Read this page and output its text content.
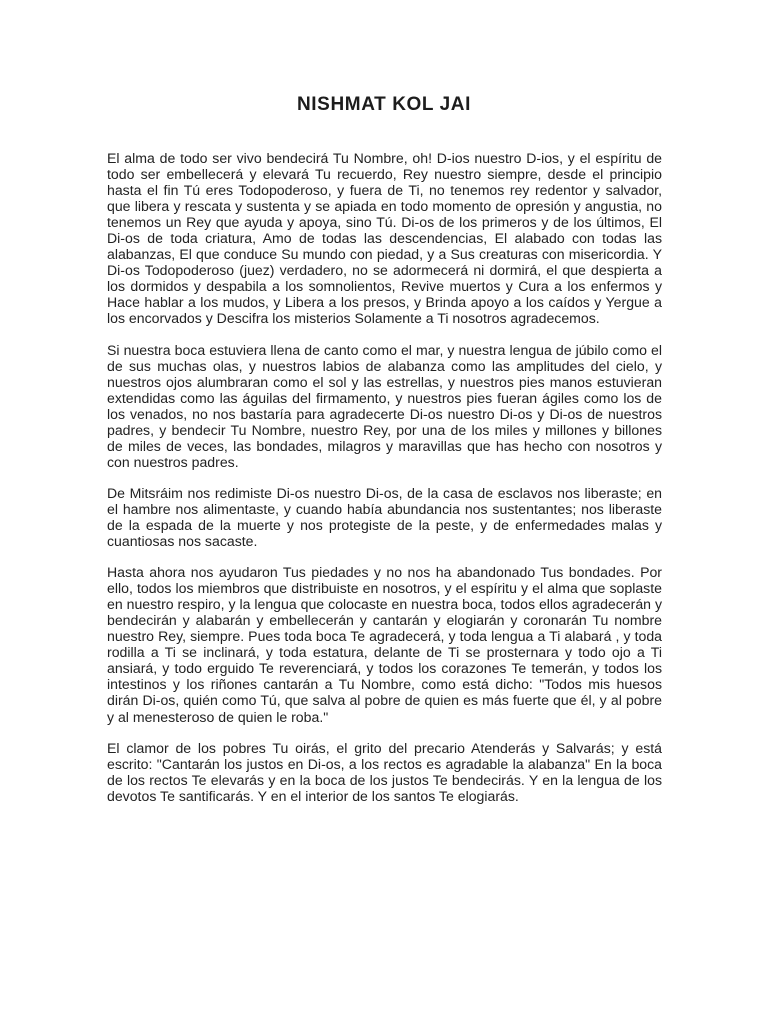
NISHMAT KOL JAI

El alma de todo ser vivo bendecirá Tu Nombre, oh! D-ios nuestro D-ios, y el espíritu de todo ser embellecerá y elevará Tu recuerdo, Rey nuestro siempre, desde el principio hasta el fin Tú eres Todopoderoso, y fuera de Ti, no tenemos rey redentor y salvador, que libera y rescata y sustenta y se apiada en todo momento de opresión y angustia, no tenemos un Rey que ayuda y apoya, sino Tú. Di-os de los primeros y de los últimos, El Di-os de toda criatura, Amo de todas las descendencias, El alabado con todas las alabanzas, El que conduce Su mundo con piedad, y a Sus creaturas con misericordia. Y Di-os Todopoderoso (juez) verdadero, no se adormecerá ni dormirá, el que despierta a los dormidos y despabila a los somnolientos, Revive muertos y Cura a los enfermos y Hace hablar a los mudos, y Libera a los presos, y Brinda apoyo a los caídos y Yergue a los encorvados y Descifra los misterios Solamente a Ti nosotros agradecemos.

Si nuestra boca estuviera llena de canto como el mar, y nuestra lengua de júbilo como el de sus muchas olas, y nuestros labios de alabanza como las amplitudes del cielo, y nuestros ojos alumbraran como el sol y las estrellas, y nuestros pies manos estuvieran extendidas como las águilas del firmamento, y nuestros pies fueran ágiles como los de los venados, no nos bastaría para agradecerte Di-os nuestro Di-os y Di-os de nuestros padres, y bendecir Tu Nombre, nuestro Rey, por una de los miles y millones y billones de miles de veces, las bondades, milagros y maravillas que has hecho con nosotros y con nuestros padres.

De Mitsráim nos redimiste Di-os nuestro Di-os, de la casa de esclavos nos liberaste; en el hambre nos alimentaste, y cuando había abundancia nos sustentantes; nos liberaste de la espada de la muerte y nos protegiste de la peste, y de enfermedades malas y cuantiosas nos sacaste.

Hasta ahora nos ayudaron Tus piedades y no nos ha abandonado Tus bondades. Por ello, todos los miembros que distribuiste en nosotros, y el espíritu y el alma que soplaste en nuestro respiro, y la lengua que colocaste en nuestra boca, todos ellos agradecerán y bendecirán y alabarán y embellecerán y cantarán y elogiarán y coronarán Tu nombre nuestro Rey, siempre. Pues toda boca Te agradecerá, y toda lengua a Ti alabará , y toda rodilla a Ti se inclinará, y toda estatura, delante de Ti se prosternara y todo ojo a Ti ansiará, y todo erguido Te reverenciará, y todos los corazones Te temerán, y todos los intestinos y los riñones cantarán a Tu Nombre, como está dicho: "Todos mis huesos dirán Di-os, quién como Tú, que salva al pobre de quien es más fuerte que él, y al pobre y al menesteroso de quien le roba."

El clamor de los pobres Tu oirás, el grito del precario Atenderás y Salvarás; y está escrito: "Cantarán los justos en Di-os, a los rectos es agradable la alabanza" En la boca de los rectos Te elevarás y en la boca de los justos Te bendecirás. Y en la lengua de los devotos Te santificarás. Y en el interior de los santos Te elogiarás.
